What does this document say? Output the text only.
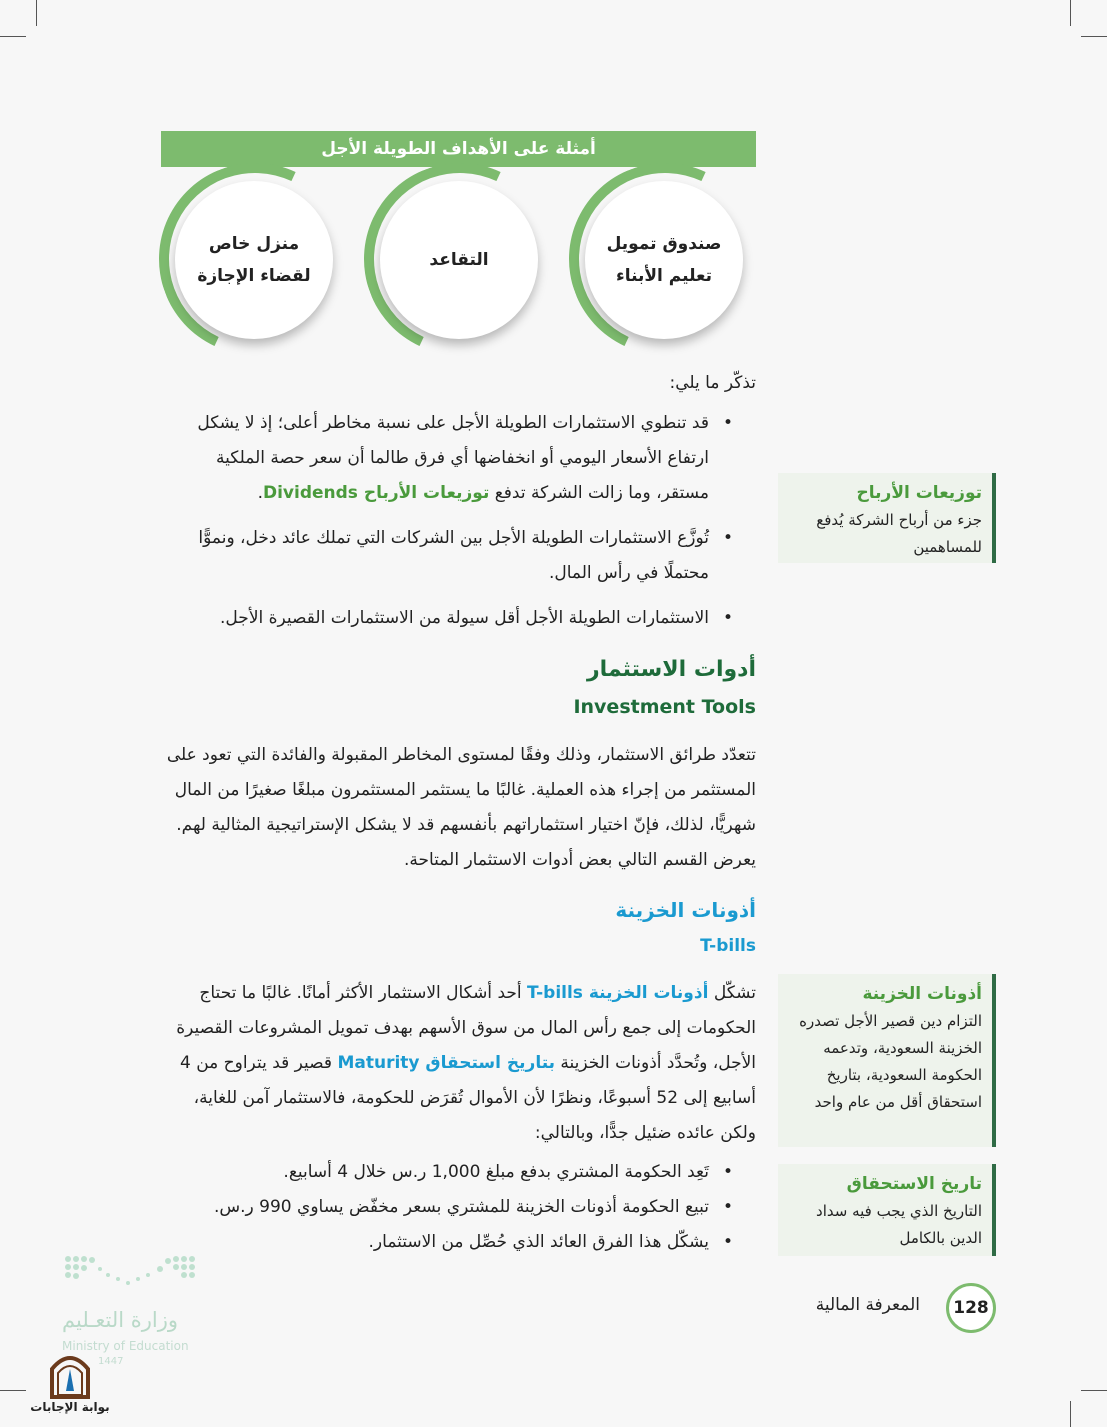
أمثلة على الأهداف الطويلة الأجل
صندوق تمويل
تعليم الأبناء
التقاعد
منزل خاص
لقضاء الإجازة
تذكّر ما يلي:
• قد تنطوي الاستثمارات الطويلة الأجل على نسبة مخاطر أعلى؛ إذ لا يشكل ارتفاع الأسعار اليومي أو انخفاضها أي فرق طالما أن سعر حصة الملكية مستقر، وما زالت الشركة تدفع توزيعات الأرباح Dividends.
• تُوزَّع الاستثمارات الطويلة الأجل بين الشركات التي تملك عائد دخل، ونموًّا محتملًا في رأس المال.
• الاستثمارات الطويلة الأجل أقل سيولة من الاستثمارات القصيرة الأجل.
أدوات الاستثمار
Investment Tools
تتعدّد طرائق الاستثمار، وذلك وفقًا لمستوى المخاطر المقبولة والفائدة التي تعود على المستثمر من إجراء هذه العملية. غالبًا ما يستثمر المستثمرون مبلغًا صغيرًا من المال شهريًّا، لذلك، فإنّ اختيار استثماراتهم بأنفسهم قد لا يشكل الإستراتيجية المثالية لهم. يعرض القسم التالي بعض أدوات الاستثمار المتاحة.
أذونات الخزينة
T-bills
تشكّل أذونات الخزينة T-bills أحد أشكال الاستثمار الأكثر أمانًا. غالبًا ما تحتاج الحكومات إلى جمع رأس المال من سوق الأسهم بهدف تمويل المشروعات القصيرة الأجل، وتُحدَّد أذونات الخزينة بتاريخ استحقاق Maturity قصير قد يتراوح من 4 أسابيع إلى 52 أسبوعًا، ونظرًا لأن الأموال تُقرَض للحكومة، فالاستثمار آمن للغاية، ولكن عائده ضئيل جدًّا، وبالتالي:
• تَعِد الحكومة المشتري بدفع مبلغ 1,000 ر.س خلال 4 أسابيع.
• تبيع الحكومة أذونات الخزينة للمشتري بسعر مخفّض يساوي 990 ر.س.
• يشكّل هذا الفرق العائد الذي حُصِّل من الاستثمار.
توزيعات الأرباح
جزء من أرباح الشركة يُدفع للمساهمين
أذونات الخزينة
التزام دين قصير الأجل تصدره الخزينة السعودية، وتدعمه الحكومة السعودية، بتاريخ استحقاق أقل من عام واحد
تاريخ الاستحقاق
التاريخ الذي يجب فيه سداد الدين بالكامل
128
المعرفة المالية
وزارة التعـليم
Ministry of Education
1447
بوابة الإجابات
